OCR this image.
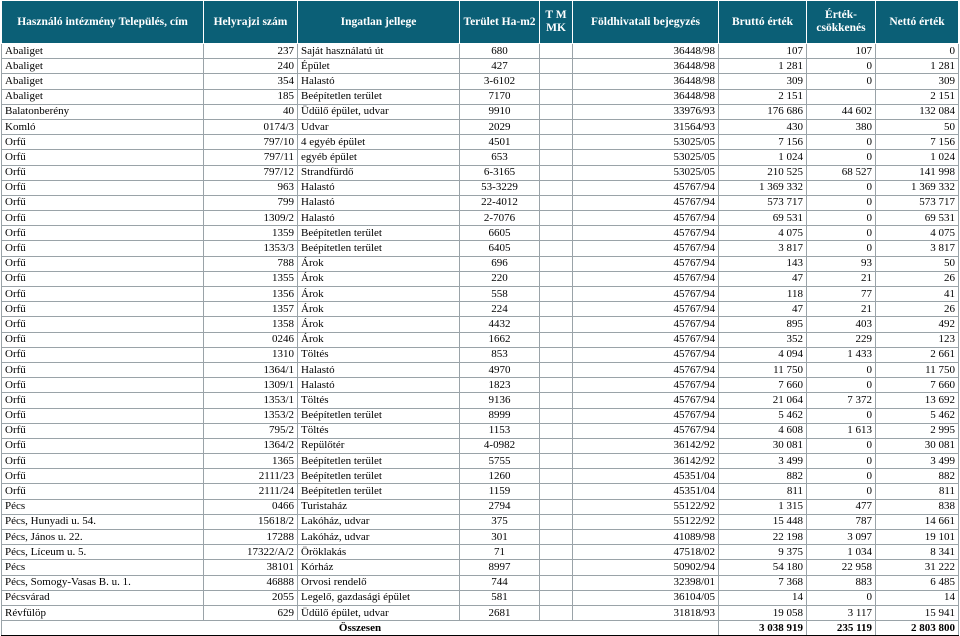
Használó intézmény Település, cím	Helyrajzi szám	Ingatlan jellege	Terület Ha-m2	T M MK	Földhivatali bejegyzés	Bruttó érték	Érték-csökkenés	Nettó érték
Abaliget	237	Saját használatú út	680		36448/98	107	107	0
Abaliget	240	Épület	427		36448/98	1 281	0	1 281
Abaliget	354	Halastó	3-6102		36448/98	309	0	309
Abaliget	185	Beépítetlen terület	7170		36448/98	2 151		2 151
Balatonberény	40	Üdülő épület, udvar	9910		33976/93	176 686	44 602	132 084
Komló	0174/3	Udvar	2029		31564/93	430	380	50
Orfű	797/10	4 egyéb épület	4501		53025/05	7 156	0	7 156
Orfű	797/11	egyéb épület	653		53025/05	1 024	0	1 024
Orfű	797/12	Strandfürdő	6-3165		53025/05	210 525	68 527	141 998
Orfű	963	Halastó	53-3229		45767/94	1 369 332	0	1 369 332
Orfű	799	Halastó	22-4012		45767/94	573 717	0	573 717
Orfű	1309/2	Halastó	2-7076		45767/94	69 531	0	69 531
Orfű	1359	Beépítetlen terület	6605		45767/94	4 075	0	4 075
Orfű	1353/3	Beépítetlen terület	6405		45767/94	3 817	0	3 817
Orfű	788	Árok	696		45767/94	143	93	50
Orfű	1355	Árok	220		45767/94	47	21	26
Orfű	1356	Árok	558		45767/94	118	77	41
Orfű	1357	Árok	224		45767/94	47	21	26
Orfű	1358	Árok	4432		45767/94	895	403	492
Orfű	0246	Árok	1662		45767/94	352	229	123
Orfű	1310	Töltés	853		45767/94	4 094	1 433	2 661
Orfű	1364/1	Halastó	4970		45767/94	11 750	0	11 750
Orfű	1309/1	Halastó	1823		45767/94	7 660	0	7 660
Orfű	1353/1	Töltés	9136		45767/94	21 064	7 372	13 692
Orfű	1353/2	Beépítetlen terület	8999		45767/94	5 462	0	5 462
Orfű	795/2	Töltés	1153		45767/94	4 608	1 613	2 995
Orfű	1364/2	Repülőtér	4-0982		36142/92	30 081	0	30 081
Orfű	1365	Beépítetlen terület	5755		36142/92	3 499	0	3 499
Orfű	2111/23	Beépítetlen terület	1260		45351/04	882	0	882
Orfű	2111/24	Beépítetlen terület	1159		45351/04	811	0	811
Pécs	0466	Turistaház	2794		55122/92	1 315	477	838
Pécs, Hunyadi u. 54.	15618/2	Lakóház, udvar	375		55122/92	15 448	787	14 661
Pécs, János u. 22.	17288	Lakóház, udvar	301		41089/98	22 198	3 097	19 101
Pécs, Líceum u. 5.	17322/A/2	Öröklakás	71		47518/02	9 375	1 034	8 341
Pécs	38101	Kórház	8997		50902/94	54 180	22 958	31 222
Pécs, Somogy-Vasas B. u. 1.	46888	Orvosi rendelő	744		32398/01	7 368	883	6 485
Pécsvárad	2055	Legelő, gazdasági épület	581		36104/05	14	0	14
Révfülöp	629	Üdülő épület, udvar	2681		31818/93	19 058	3 117	15 941
Összesen						3 038 919	235 119	2 803 800
